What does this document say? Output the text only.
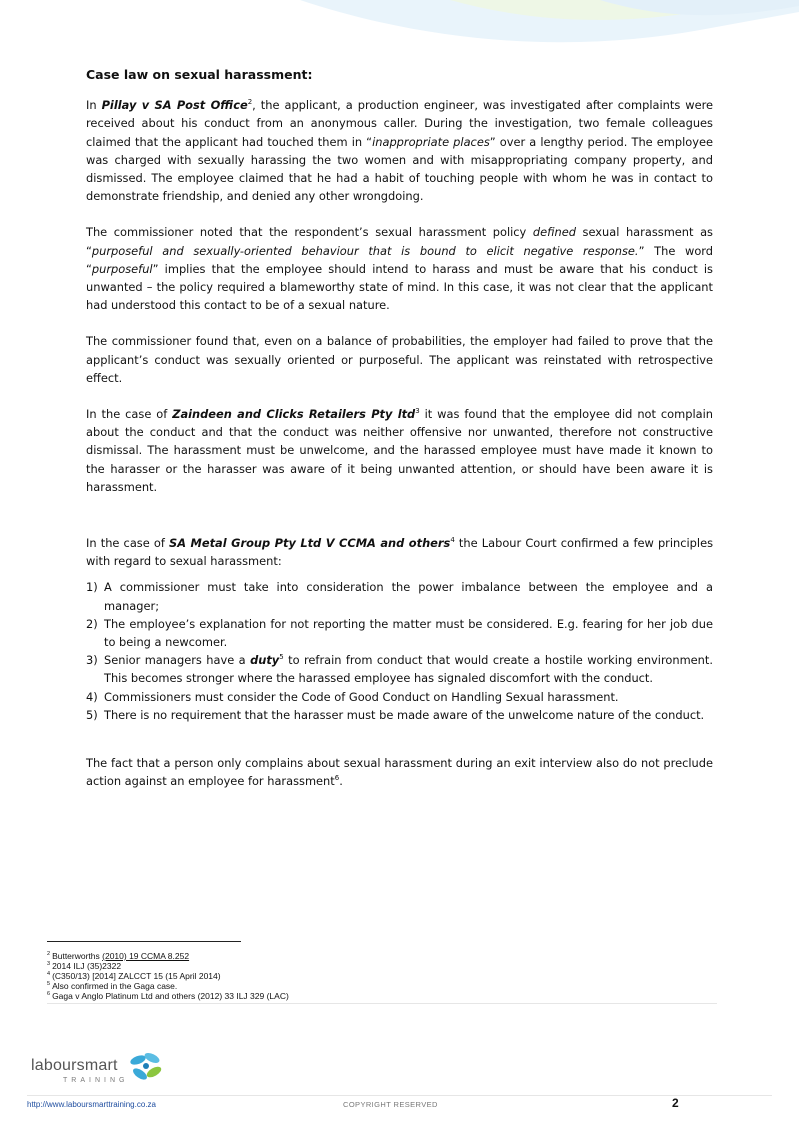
Case law on sexual harassment:

In Pillay v SA Post Office$^2$, the applicant, a production engineer, was investigated after complaints were received about his conduct from an anonymous caller. During the investigation, two female colleagues claimed that the applicant had touched them in “inappropriate places” over a lengthy period. The employee was charged with sexually harassing the two women and with misappropriating company property, and dismissed. The employee claimed that he had a habit of touching people with whom he was in contact to demonstrate friendship, and denied any other wrongdoing.

The commissioner noted that the respondent’s sexual harassment policy defined sexual harassment as “purposeful and sexually-oriented behaviour that is bound to elicit negative response.” The word “purposeful” implies that the employee should intend to harass and must be aware that his conduct is unwanted – the policy required a blameworthy state of mind. In this case, it was not clear that the applicant had understood this contact to be of a sexual nature.

The commissioner found that, even on a balance of probabilities, the employer had failed to prove that the applicant’s conduct was sexually oriented or purposeful. The applicant was reinstated with retrospective effect.

In the case of Zaindeen and Clicks Retailers Pty ltd$^3$ it was found that the employee did not complain about the conduct and that the conduct was neither offensive nor unwanted, therefore not constructive dismissal. The harassment must be unwelcome, and the harassed employee must have made it known to the harasser or the harasser was aware of it being unwanted attention, or should have been aware it is harassment.

In the case of SA Metal Group Pty Ltd V CCMA and others$^4$ the Labour Court confirmed a few principles with regard to sexual harassment:

1) A commissioner must take into consideration the power imbalance between the employee and a manager;
2) The employee’s explanation for not reporting the matter must be considered. E.g. fearing for her job due to being a newcomer.
3) Senior managers have a duty$^5$ to refrain from conduct that would create a hostile working environment. This becomes stronger where the harassed employee has signaled discomfort with the conduct.
4) Commissioners must consider the Code of Good Conduct on Handling Sexual harassment.
5) There is no requirement that the harasser must be made aware of the unwelcome nature of the conduct.

The fact that a person only complains about sexual harassment during an exit interview also do not preclude action against an employee for harassment$^6$.

$^2$ Butterworths (2010) 19 CCMA 8.252
$^3$ 2014 ILJ (35)2322
$^4$ (C350/13) [2014] ZALCCT 15 (15 April 2014)
$^5$ Also confirmed in the Gaga case.
$^6$ Gaga v Anglo Platinum Ltd and others (2012) 33 ILJ 329 (LAC)
laboursmart
TRAINING
http://www.laboursmarttraining.co.za	COPYRIGHT RESERVED	2
